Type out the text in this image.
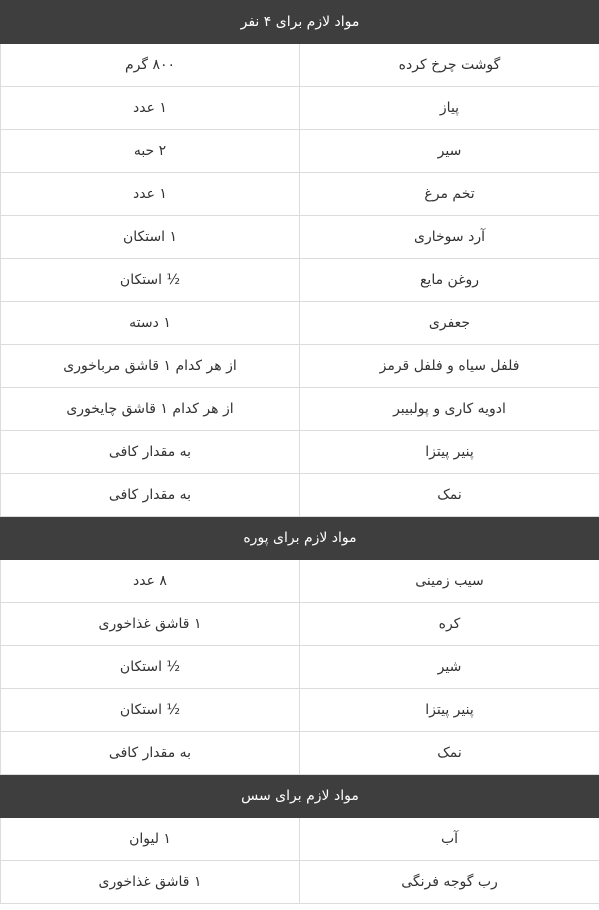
مواد لازم برای ۴ نفر	
گوشت چرخ کرده	۸۰۰ گرم
پیاز	۱ عدد
سیر	۲ حبه
تخم مرغ	۱ عدد
آرد سوخاری	۱ استکان
روغن مایع	½ استکان
جعفری	۱ دسته
فلفل سیاه و فلفل قرمز	از هر کدام ۱ قاشق مرباخوری
ادویه کاری و پولبیبر	از هر کدام ۱ قاشق چایخوری
پنیر پیتزا	به مقدار کافی
نمک	به مقدار کافی
مواد لازم برای پوره	
سیب زمینی	۸ عدد
کره	۱ قاشق غذاخوری
شیر	½ استکان
پنیر پیتزا	½ استکان
نمک	به مقدار کافی
مواد لازم برای سس	
آب	۱ لیوان
رب گوجه فرنگی	۱ قاشق غذاخوری
